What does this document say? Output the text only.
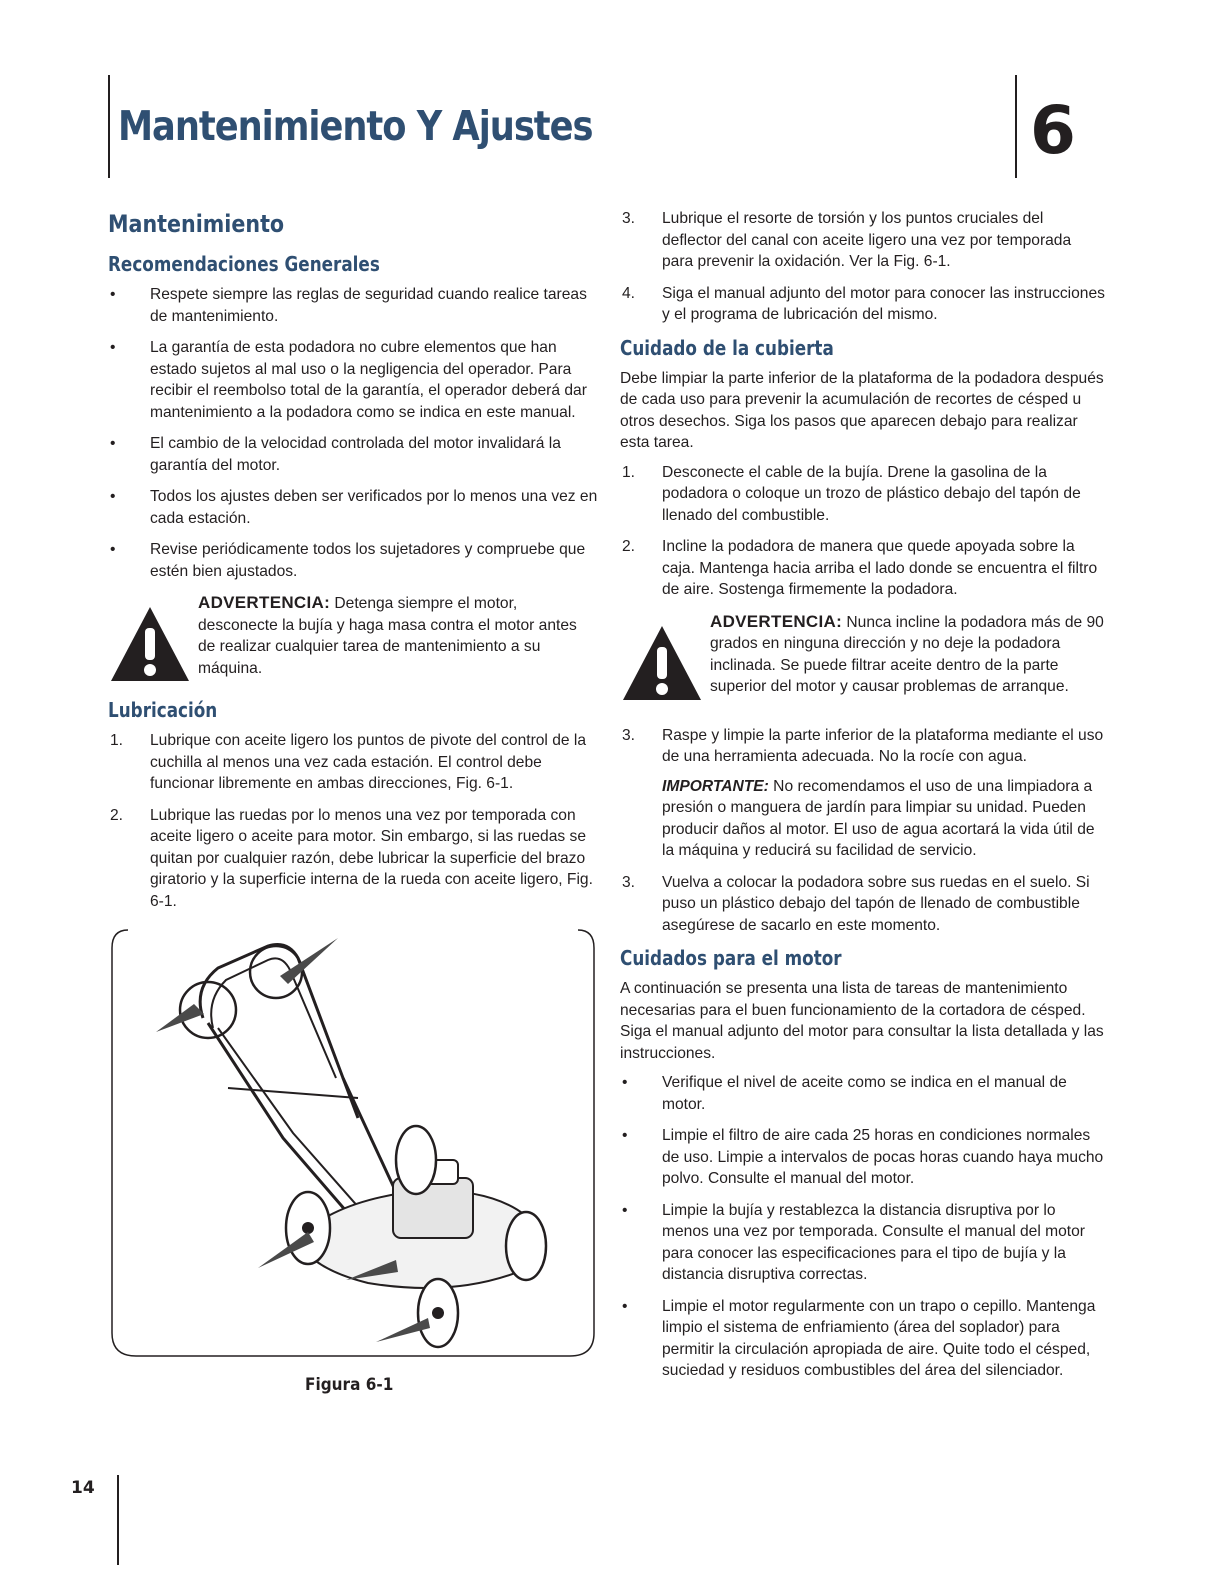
Mantenimiento Y Ajustes	6
Mantenimiento
Recomendaciones Generales
•	Respete siempre las reglas de seguridad cuando realice tareas de mantenimiento.
•	La garantía de esta podadora no cubre elementos que han estado sujetos al mal uso o la negligencia del operador. Para recibir el reembolso total de la garantía, el operador deberá dar mantenimiento a la podadora como se indica en este manual.
•	El cambio de la velocidad controlada del motor invalidará la garantía del motor.
•	Todos los ajustes deben ser verificados por lo menos una vez en cada estación.
•	Revise periódicamente todos los sujetadores y compruebe que estén bien ajustados.

ADVERTENCIA: Detenga siempre el motor, desconecte la bujía y haga masa contra el motor antes de realizar cualquier tarea de mantenimiento a su máquina.

Lubricación
1.	Lubrique con aceite ligero los puntos de pivote del control de la cuchilla al menos una vez cada estación. El control debe funcionar libremente en ambas direcciones, Fig. 6-1.
2.	Lubrique las ruedas por lo menos una vez por temporada con aceite ligero o aceite para motor. Sin embargo, si las ruedas se quitan por cualquier razón, debe lubricar la superficie del brazo giratorio y la superficie interna de la rueda con aceite ligero, Fig. 6-1.
Figura 6-1
3.	Lubrique el resorte de torsión y los puntos cruciales del deflector del canal con aceite ligero una vez por temporada para prevenir la oxidación. Ver la Fig. 6-1.
4.	Siga el manual adjunto del motor para conocer las instrucciones y el programa de lubricación del mismo.
Cuidado de la cubierta

Debe limpiar la parte inferior de la plataforma de la podadora después de cada uso para prevenir la acumulación de recortes de césped u otros desechos. Siga los pasos que aparecen debajo para realizar esta tarea.

1.	Desconecte el cable de la bujía. Drene la gasolina de la podadora o coloque un trozo de plástico debajo del tapón de llenado del combustible.
2.	Incline la podadora de manera que quede apoyada sobre la caja. Mantenga hacia arriba el lado donde se encuentra el filtro de aire. Sostenga firmemente la podadora.

ADVERTENCIA: Nunca incline la podadora más de 90 grados en ninguna dirección y no deje la podadora inclinada. Se puede filtrar aceite dentro de la parte superior del motor y causar problemas de arranque.

3.	Raspe y limpie la parte inferior de la plataforma mediante el uso de una herramienta adecuada. No la rocíe con agua.

IMPORTANTE: No recomendamos el uso de una limpiadora a presión o manguera de jardín para limpiar su unidad. Pueden producir daños al motor. El uso de agua acortará la vida útil de la máquina y reducirá su facilidad de servicio.

3.	Vuelva a colocar la podadora sobre sus ruedas en el suelo. Si puso un plástico debajo del tapón de llenado de combustible asegúrese de sacarlo en este momento.
Cuidados para el motor

A continuación se presenta una lista de tareas de mantenimiento necesarias para el buen funcionamiento de la cortadora de césped. Siga el manual adjunto del motor para consultar la lista detallada y las instrucciones.

•	Verifique el nivel de aceite como se indica en el manual de motor.
•	Limpie el filtro de aire cada 25 horas en condiciones normales de uso. Limpie a intervalos de pocas horas cuando haya mucho polvo. Consulte el manual del motor.
•	Limpie la bujía y restablezca la distancia disruptiva por lo menos una vez por temporada. Consulte el manual del motor para conocer las especificaciones para el tipo de bujía y la distancia disruptiva correctas.
•	Limpie el motor regularmente con un trapo o cepillo. Mantenga limpio el sistema de enfriamiento (área del soplador) para permitir la circulación apropiada de aire. Quite todo el césped, suciedad y residuos combustibles del área del silenciador.
14
